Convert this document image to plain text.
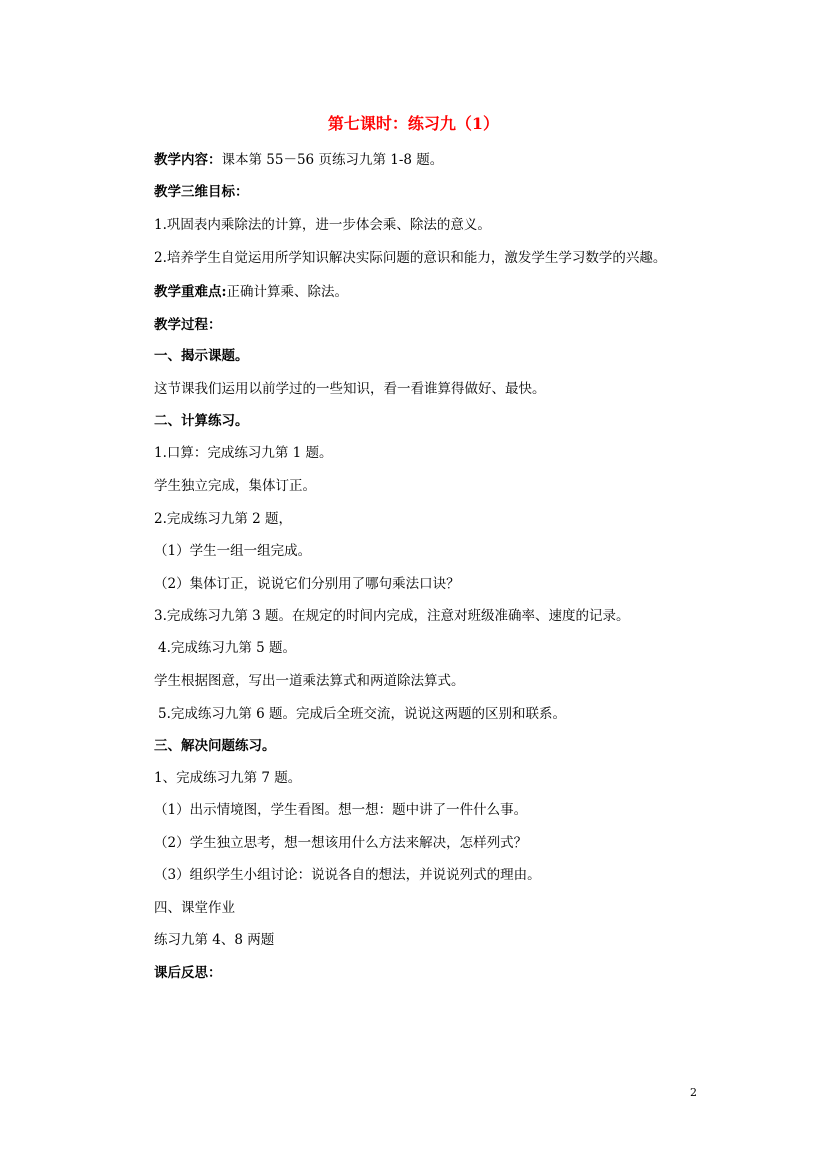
第七课时：练习九（1）
教学内容：课本第 55－56 页练习九第 1-8 题。
教学三维目标：
1.巩固表内乘除法的计算，进一步体会乘、除法的意义。
2.培养学生自觉运用所学知识解决实际问题的意识和能力，激发学生学习数学的兴趣。
教学重难点:正确计算乘、除法。
教学过程：
一、揭示课题。
这节课我们运用以前学过的一些知识，看一看谁算得做好、最快。
二、计算练习。
1.口算：完成练习九第 1 题。
学生独立完成，集体订正。
2.完成练习九第 2 题，
（1）学生一组一组完成。
（2）集体订正，说说它们分别用了哪句乘法口诀？
3.完成练习九第 3 题。在规定的时间内完成，注意对班级准确率、速度的记录。
4.完成练习九第 5 题。
学生根据图意，写出一道乘法算式和两道除法算式。
5.完成练习九第 6 题。完成后全班交流，说说这两题的区别和联系。
三、解决问题练习。
1、完成练习九第 7 题。
（1）出示情境图，学生看图。想一想：题中讲了一件什么事。
（2）学生独立思考，想一想该用什么方法来解决，怎样列式？
（3）组织学生小组讨论：说说各自的想法，并说说列式的理由。
四、课堂作业
练习九第 4、8 两题
课后反思：
2
